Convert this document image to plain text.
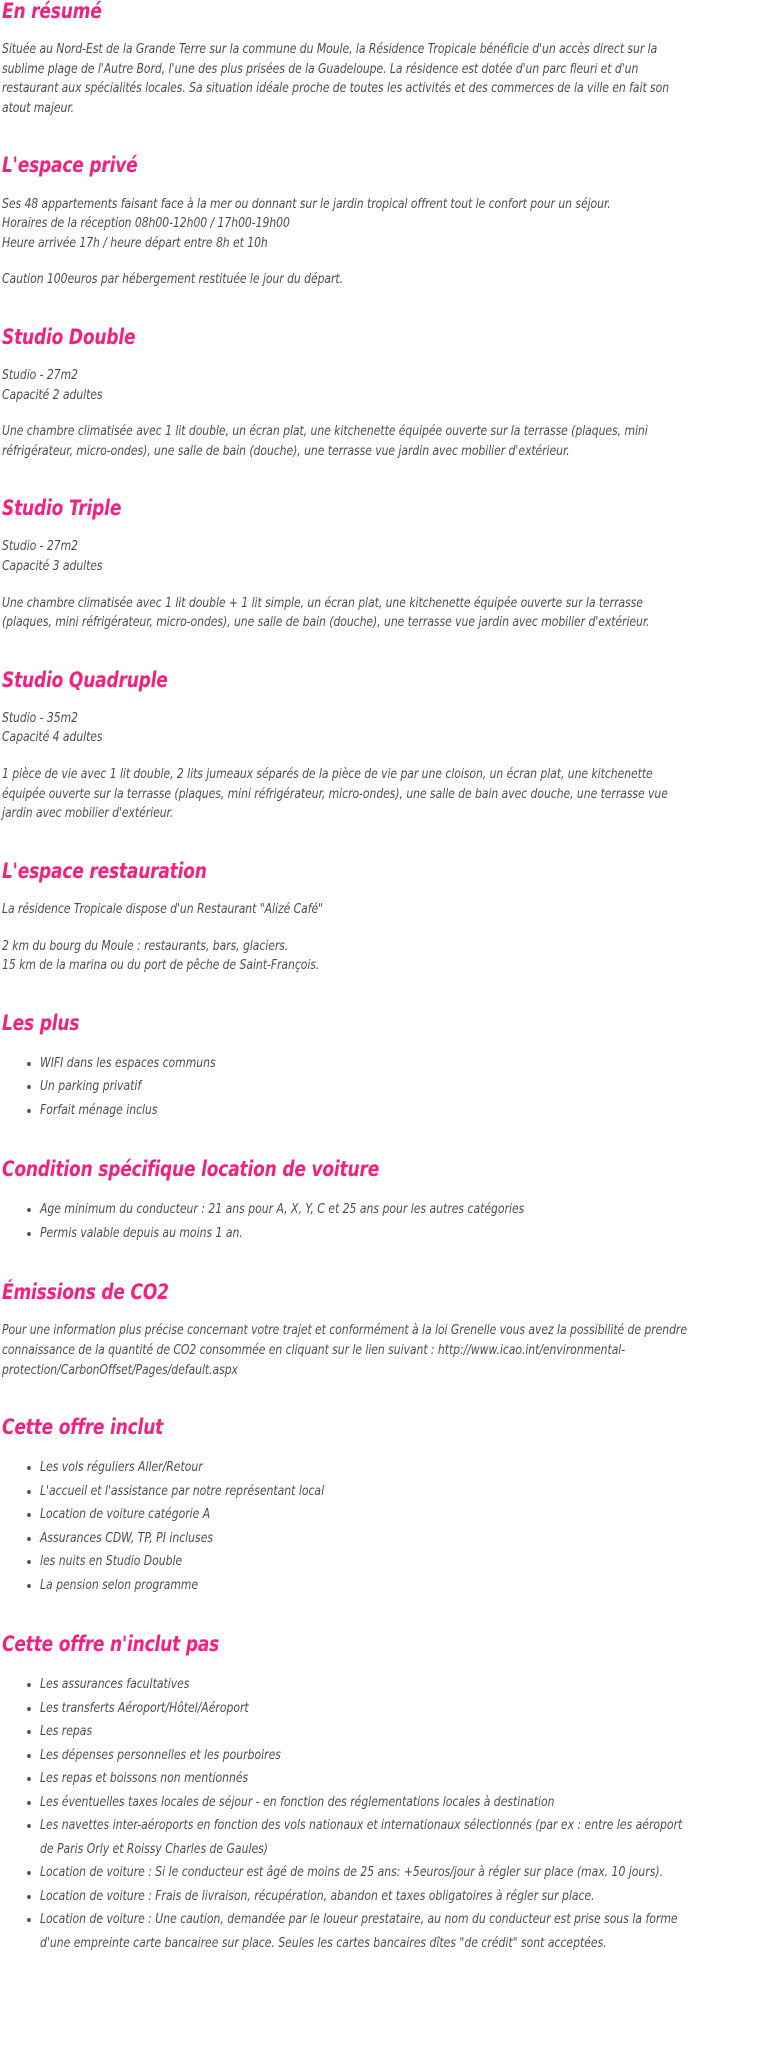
En résumé

Située au Nord-Est de la Grande Terre sur la commune du Moule, la Résidence Tropicale bénéficie d'un accès direct sur la sublime plage de l'Autre Bord, l'une des plus prisées de la Guadeloupe. La résidence est dotée d'un parc fleuri et d'un restaurant aux spécialités locales. Sa situation idéale proche de toutes les activités et des commerces de la ville en fait son atout majeur.

L'espace privé
Ses 48 appartements faisant face à la mer ou donnant sur le jardin tropical offrent tout le confort pour un séjour.
Horaires de la réception 08h00-12h00 / 17h00-19h00
Heure arrivée 17h / heure départ entre 8h et 10h

Caution 100euros par hébergement restituée le jour du départ.

Studio Double
Studio - 27m2
Capacité 2 adultes

Une chambre climatisée avec 1 lit double, un écran plat, une kitchenette équipée ouverte sur la terrasse (plaques, mini réfrigérateur, micro-ondes), une salle de bain (douche), une terrasse vue jardin avec mobilier d'extérieur.

Studio Triple
Studio - 27m2
Capacité 3 adultes

Une chambre climatisée avec 1 lit double + 1 lit simple, un écran plat, une kitchenette équipée ouverte sur la terrasse (plaques, mini réfrigérateur, micro-ondes), une salle de bain (douche), une terrasse vue jardin avec mobilier d'extérieur.

Studio Quadruple
Studio - 35m2
Capacité 4 adultes

1 pièce de vie avec 1 lit double, 2 lits jumeaux séparés de la pièce de vie par une cloison, un écran plat, une kitchenette équipée ouverte sur la terrasse (plaques, mini réfrigérateur, micro-ondes), une salle de bain avec douche, une terrasse vue jardin avec mobilier d'extérieur.

L'espace restauration

La résidence Tropicale dispose d'un Restaurant "Alizé Café"

2 km du bourg du Moule : restaurants, bars, glaciers.
15 km de la marina ou du port de pêche de Saint-François.
Les plus
WIFI dans les espaces communs
Un parking privatif
Forfait ménage inclus
Condition spécifique location de voiture
Age minimum du conducteur : 21 ans pour A, X, Y, C et 25 ans pour les autres catégories
Permis valable depuis au moins 1 an.
Émissions de CO2

Pour une information plus précise concernant votre trajet et conformément à la loi Grenelle vous avez la possibilité de prendre connaissance de la quantité de CO2 consommée en cliquant sur le lien suivant : http://www.icao.int/environmental-protection/CarbonOffset/Pages/default.aspx

Cette offre inclut
Les vols réguliers Aller/Retour
L'accueil et l'assistance par notre représentant local
Location de voiture catégorie A
Assurances CDW, TP, PI incluses
les nuits en Studio Double
La pension selon programme
Cette offre n'inclut pas
Les assurances facultatives
Les transferts Aéroport/Hôtel/Aéroport
Les repas
Les dépenses personnelles et les pourboires
Les repas et boissons non mentionnés
Les éventuelles taxes locales de séjour - en fonction des réglementations locales à destination
Les navettes inter-aéroports en fonction des vols nationaux et internationaux sélectionnés (par ex : entre les aéroport de Paris Orly et Roissy Charles de Gaules)
Location de voiture : Si le conducteur est âgé de moins de 25 ans: +5euros/jour à régler sur place (max. 10 jours).
Location de voiture : Frais de livraison, récupération, abandon et taxes obligatoires à régler sur place.
Location de voiture : Une caution, demandée par le loueur prestataire, au nom du conducteur est prise sous la forme d'une empreinte carte bancairee sur place. Seules les cartes bancaires dîtes "de crédit" sont acceptées.
